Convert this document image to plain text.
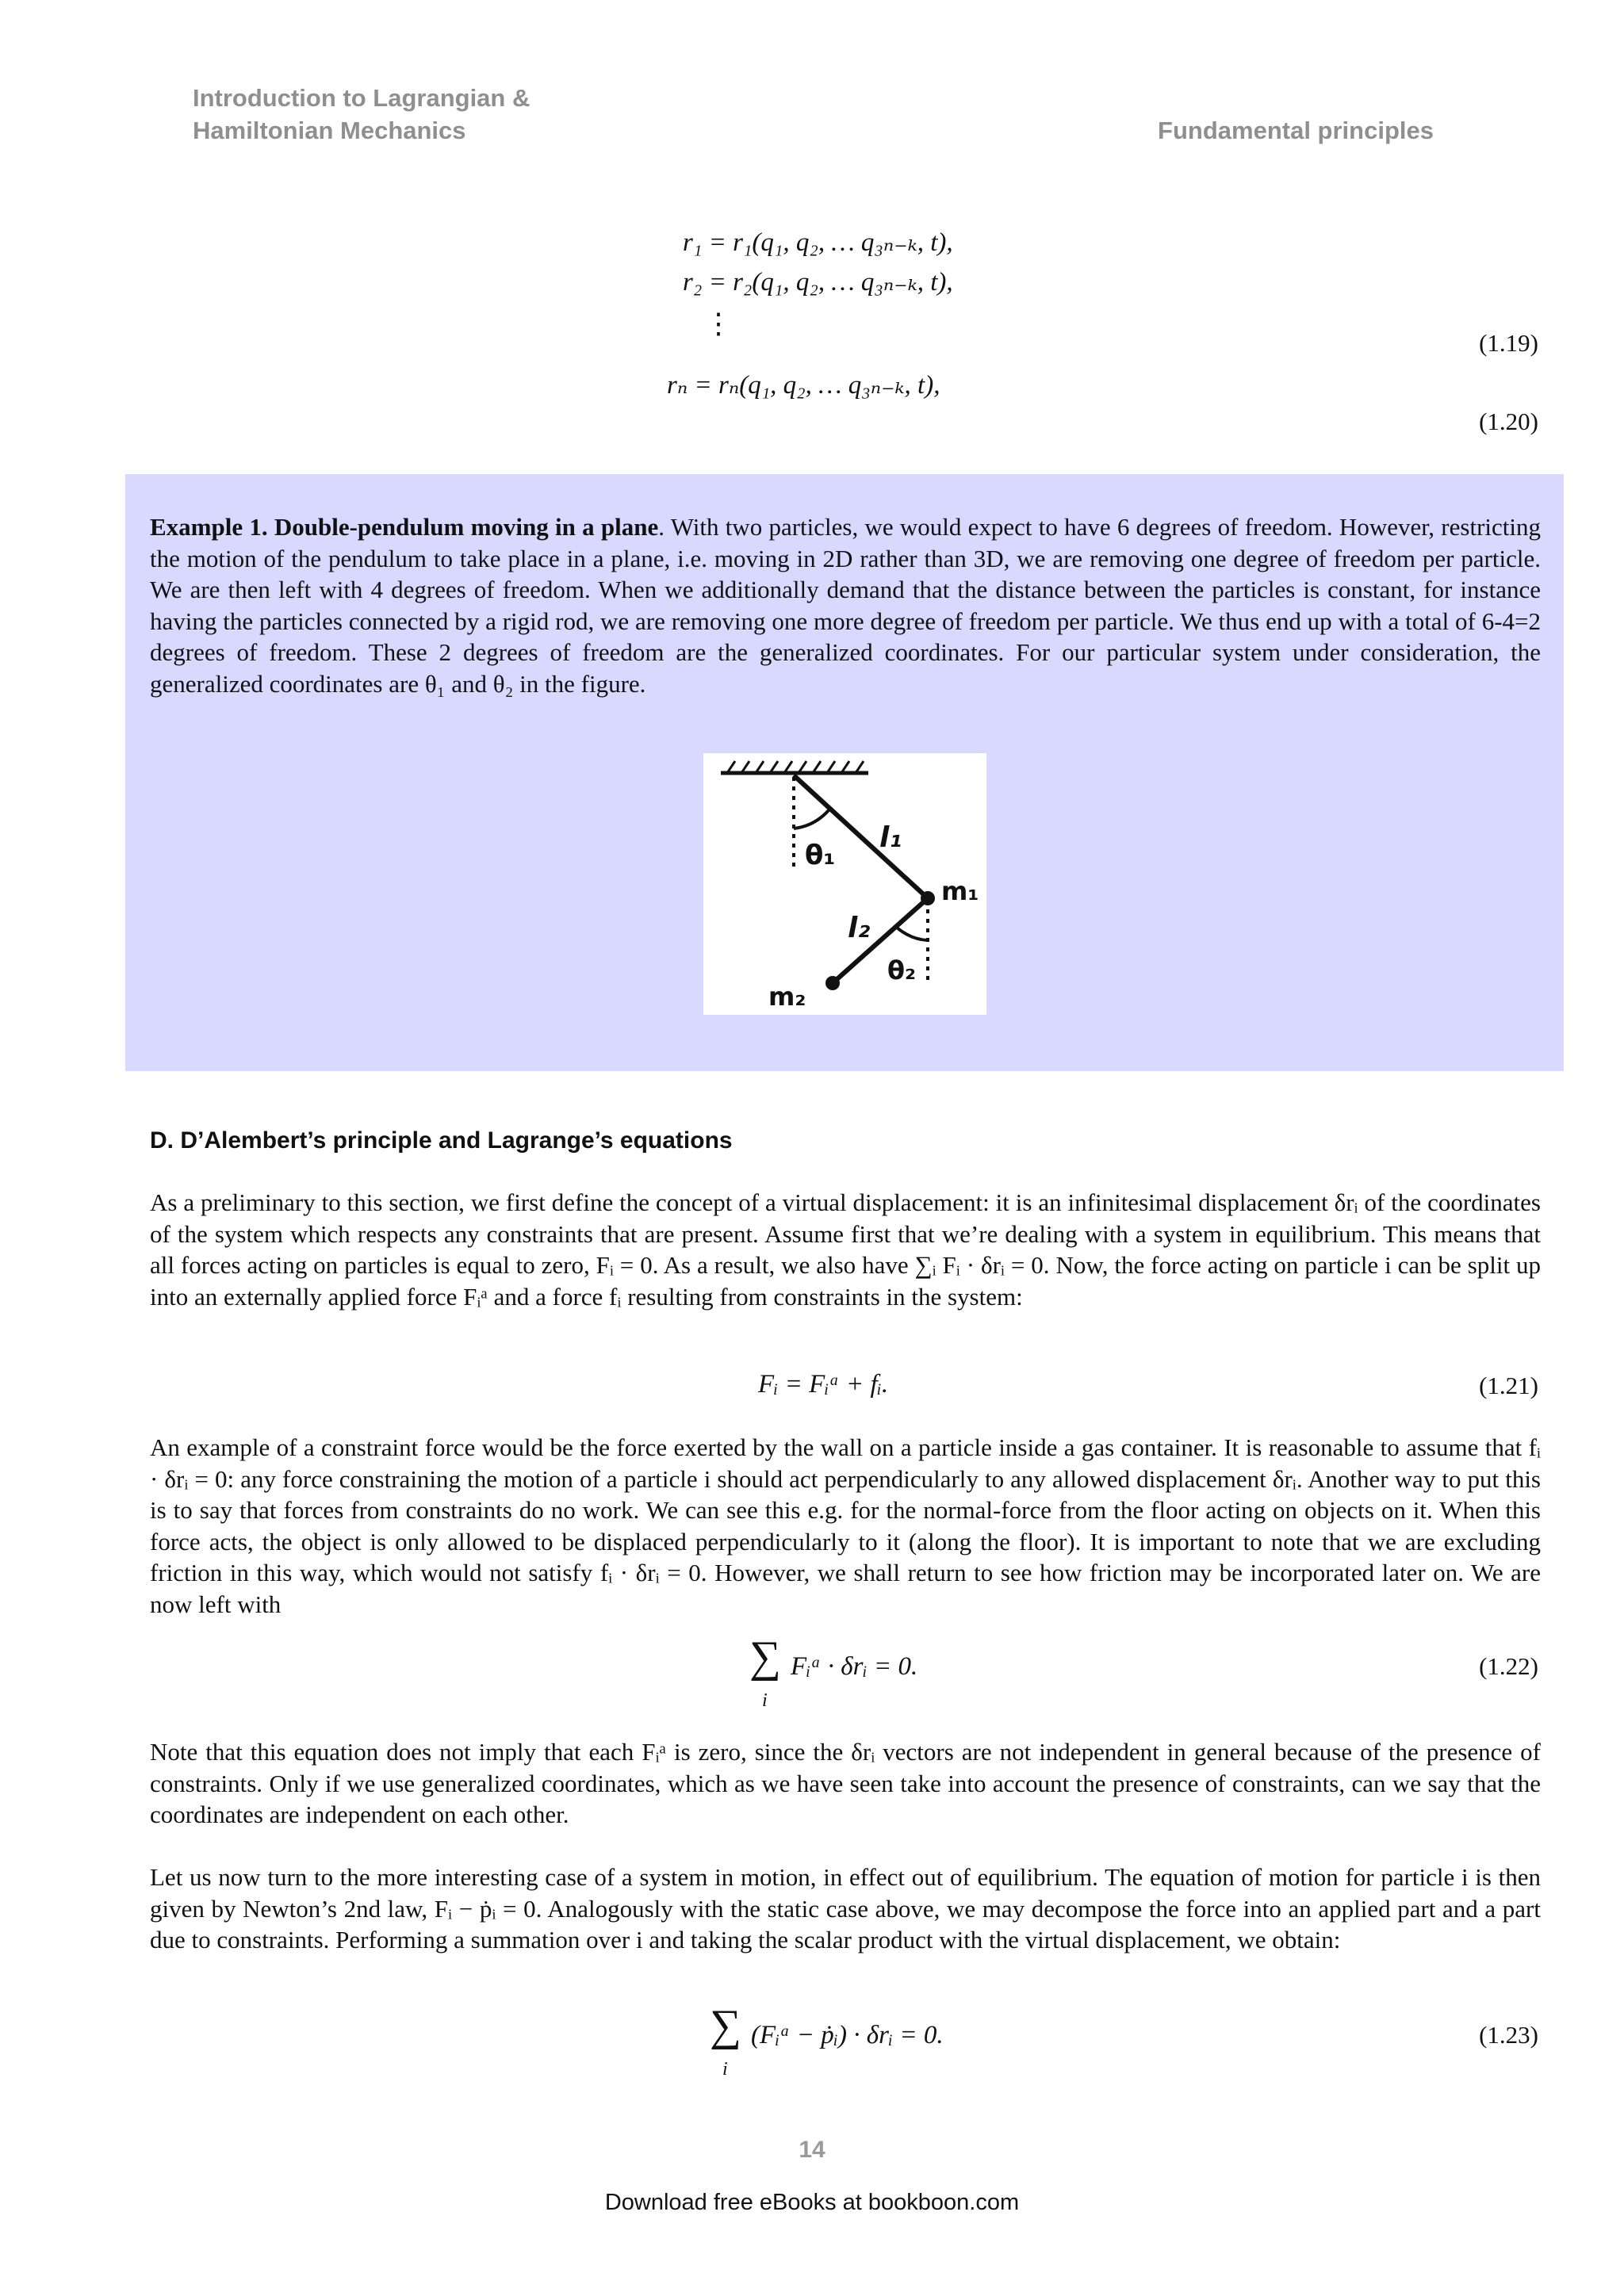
Introduction to Lagrangian &
Hamiltonian Mechanics	Fundamental principles
r₁ = r₁(q₁, q₂, … q₃ₙ₋ₖ, t),
r₂ = r₂(q₁, q₂, … q₃ₙ₋ₖ, t),
⋮
(1.19)
rₙ = rₙ(q₁, q₂, … q₃ₙ₋ₖ, t),
(1.20)

Example 1. Double-pendulum moving in a plane. With two particles, we would expect to have 6 degrees of freedom. However, restricting the motion of the pendulum to take place in a plane, i.e. moving in 2D rather than 3D, we are removing one degree of freedom per particle. We are then left with 4 degrees of freedom. When we additionally demand that the distance between the particles is constant, for instance having the particles connected by a rigid rod, we are removing one more degree of freedom per particle. We thus end up with a total of 6-4=2 degrees of freedom. These 2 degrees of freedom are the generalized coordinates. For our particular system under consideration, the generalized coordinates are θ₁ and θ₂ in the figure.

θ₁
l₁
m₁
l₂
θ₂
m₂
D. D’Alembert’s principle and Lagrange’s equations

As a preliminary to this section, we first define the concept of a virtual displacement: it is an infinitesimal displacement δrᵢ of the coordinates of the system which respects any constraints that are present. Assume first that we’re dealing with a system in equilibrium. This means that all forces acting on particles is equal to zero, Fᵢ = 0. As a result, we also have ∑ᵢ Fᵢ · δrᵢ = 0. Now, the force acting on particle i can be split up into an externally applied force Fᵢᵃ and a force fᵢ resulting from constraints in the system:

Fᵢ = Fᵢᵃ + fᵢ.	(1.21)

An example of a constraint force would be the force exerted by the wall on a particle inside a gas container. It is reasonable to assume that fᵢ · δrᵢ = 0: any force constraining the motion of a particle i should act perpendicularly to any allowed displacement δrᵢ. Another way to put this is to say that forces from constraints do no work. We can see this e.g. for the normal-force from the floor acting on objects on it. When this force acts, the object is only allowed to be displaced perpendicularly to it (along the floor). It is important to note that we are excluding friction in this way, which would not satisfy fᵢ · δrᵢ = 0. However, we shall return to see how friction may be incorporated later on. We are now left with

∑
i
Fᵢᵃ · δrᵢ = 0.	(1.22)

Note that this equation does not imply that each Fᵢᵃ is zero, since the δrᵢ vectors are not independent in general because of the presence of constraints. Only if we use generalized coordinates, which as we have seen take into account the presence of constraints, can we say that the coordinates are independent on each other.

Let us now turn to the more interesting case of a system in motion, in effect out of equilibrium. The equation of motion for particle i is then given by Newton’s 2nd law, Fᵢ − ṗᵢ = 0. Analogously with the static case above, we may decompose the force into an applied part and a part due to constraints. Performing a summation over i and taking the scalar product with the virtual displacement, we obtain:

∑
i
(Fᵢᵃ − ṗᵢ) · δrᵢ = 0.	(1.23)
14
Download free eBooks at bookboon.com
